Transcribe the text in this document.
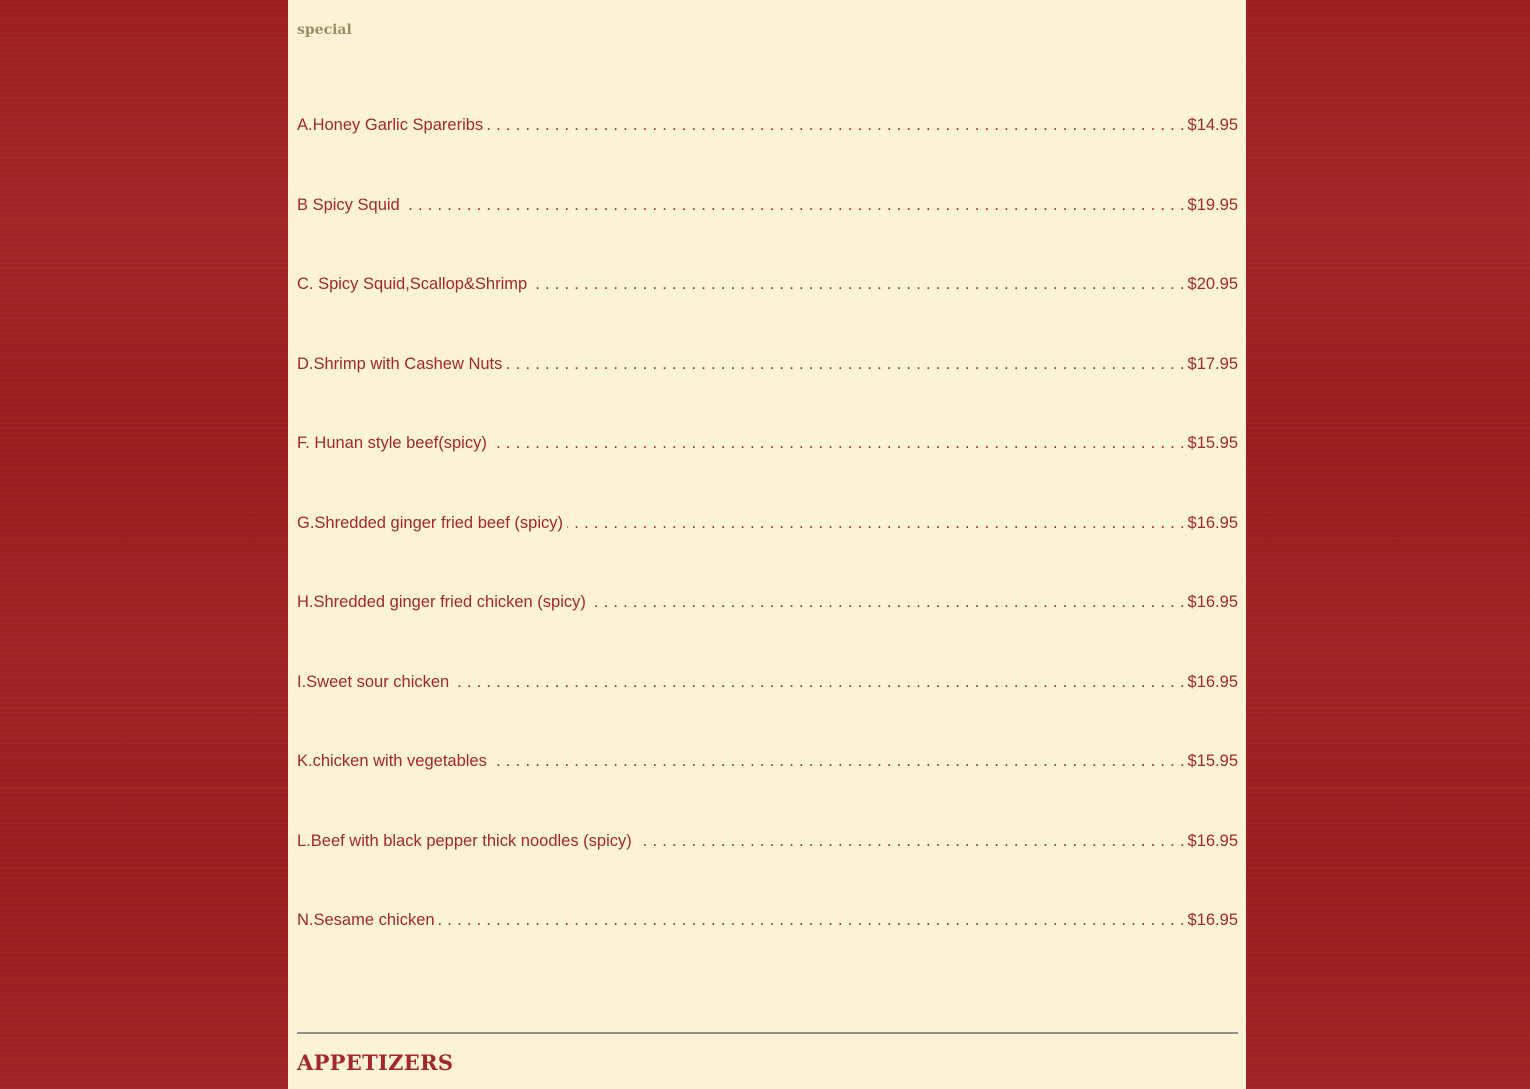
special
A.Honey Garlic Spareribs . . .	$14.95
B Spicy Squid . . .	$19.95
C. Spicy Squid,Scallop&Shrimp . . .	$20.95
D.Shrimp with Cashew Nuts . . .	$17.95
F. Hunan style beef(spicy) . . .	$15.95
G.Shredded ginger fried beef (spicy) . . .	$16.95
H.Shredded ginger fried chicken (spicy) . . .	$16.95
I.Sweet sour chicken . . .	$16.95
K.chicken with vegetables . . .	$15.95
L.Beef with black pepper thick noodles (spicy) . . .	$16.95
N.Sesame chicken . . .	$16.95
APPETIZERS
